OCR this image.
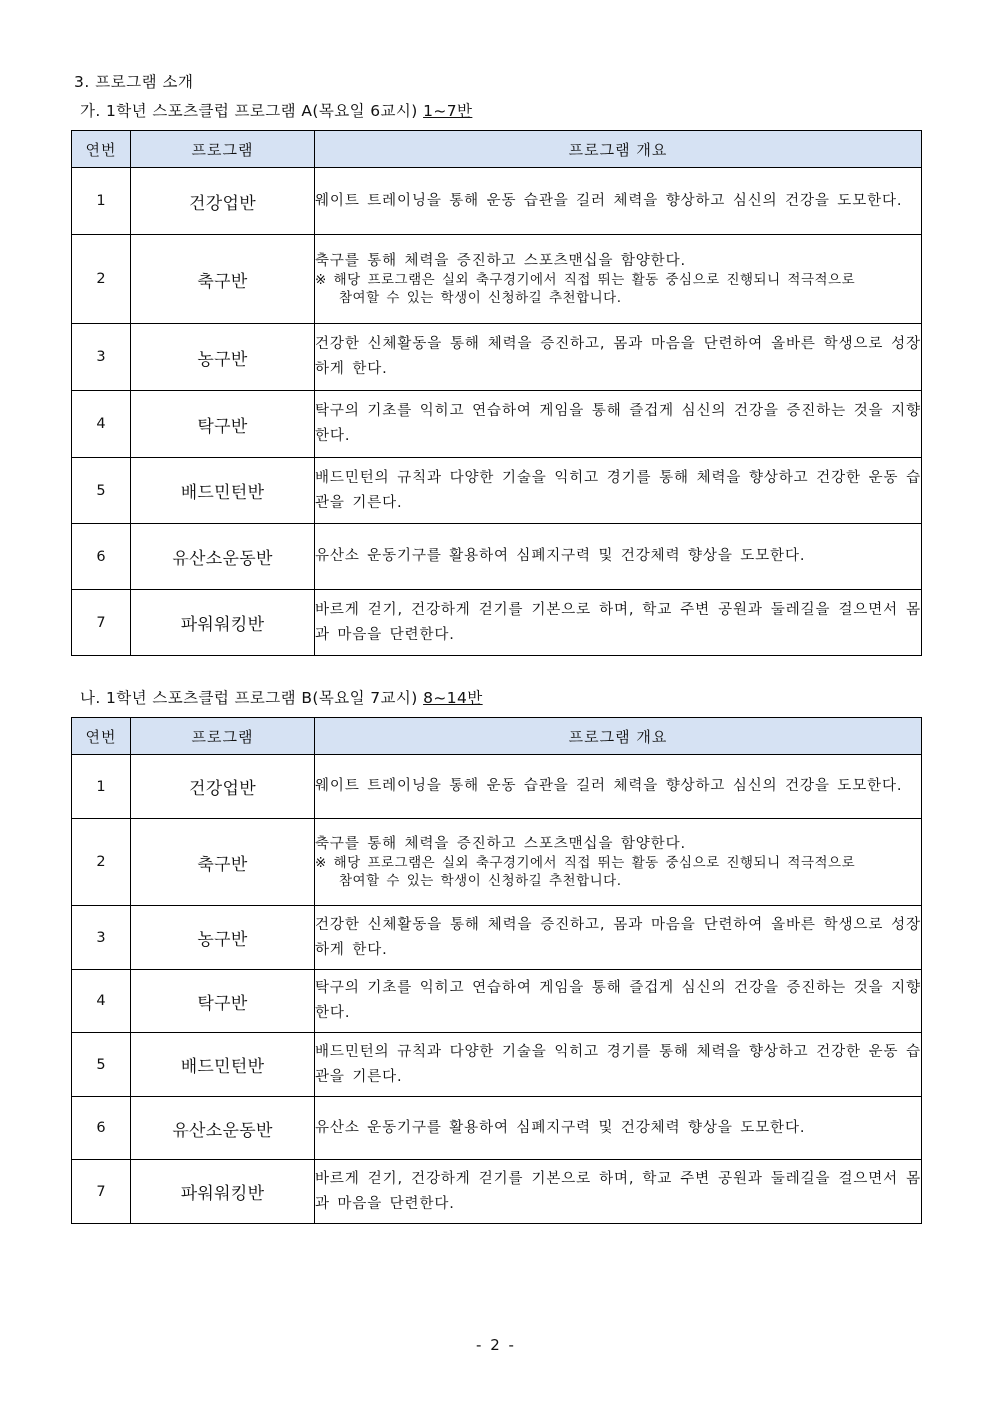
3. 프로그램 소개
가. 1학년 스포츠클럽 프로그램 A(목요일 6교시) 1~7반
연번	프로그램	프로그램 개요
1	건강업반	웨이트 트레이닝을 통해 운동 습관을 길러 체력을 향상하고 심신의 건강을 도모한다.
2	축구반	축구를 통해 체력을 증진하고 스포츠맨십을 함양한다.
※ 해당 프로그램은 실외 축구경기에서 직접 뛰는 활동 중심으로 진행되니 적극적으로
참여할 수 있는 학생이 신청하길 추천합니다.

3	농구반	건강한 신체활동을 통해 체력을 증진하고, 몸과 마음을 단련하여 올바른 학생으로 성장하게 한다.
4	탁구반	탁구의 기초를 익히고 연습하여 게임을 통해 즐겁게 심신의 건강을 증진하는 것을 지향한다.
5	배드민턴반	배드민턴의 규칙과 다양한 기술을 익히고 경기를 통해 체력을 향상하고 건강한 운동 습관을 기른다.
6	유산소운동반	유산소 운동기구를 활용하여 심폐지구력 및 건강체력 향상을 도모한다.
7	파워워킹반	바르게 걷기, 건강하게 걷기를 기본으로 하며, 학교 주변 공원과 둘레길을 걸으면서 몸과 마음을 단련한다.
나. 1학년 스포츠클럽 프로그램 B(목요일 7교시) 8~14반
연번	프로그램	프로그램 개요
1	건강업반	웨이트 트레이닝을 통해 운동 습관을 길러 체력을 향상하고 심신의 건강을 도모한다.
2	축구반	축구를 통해 체력을 증진하고 스포츠맨십을 함양한다.
※ 해당 프로그램은 실외 축구경기에서 직접 뛰는 활동 중심으로 진행되니 적극적으로
참여할 수 있는 학생이 신청하길 추천합니다.

3	농구반	건강한 신체활동을 통해 체력을 증진하고, 몸과 마음을 단련하여 올바른 학생으로 성장하게 한다.
4	탁구반	탁구의 기초를 익히고 연습하여 게임을 통해 즐겁게 심신의 건강을 증진하는 것을 지향한다.
5	배드민턴반	배드민턴의 규칙과 다양한 기술을 익히고 경기를 통해 체력을 향상하고 건강한 운동 습관을 기른다.
6	유산소운동반	유산소 운동기구를 활용하여 심폐지구력 및 건강체력 향상을 도모한다.
7	파워워킹반	바르게 걷기, 건강하게 걷기를 기본으로 하며, 학교 주변 공원과 둘레길을 걸으면서 몸과 마음을 단련한다.
- 2 -
